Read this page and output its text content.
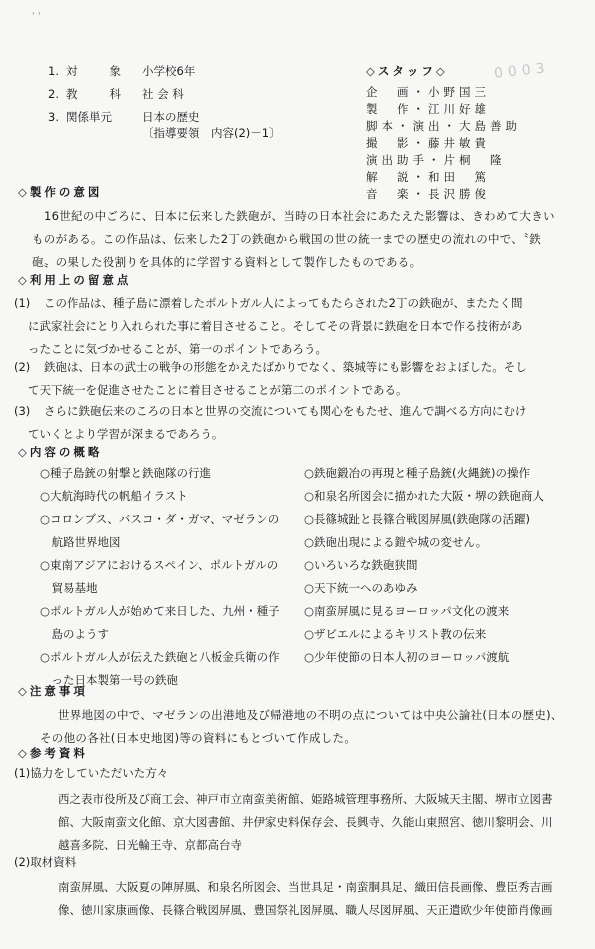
' '
0003
1. 対　　象 小学校6年
2. 教　　科 社 会 科
3. 関係単元	日本の歴史
〔指導要領　内容(2)－1〕
◇スタッフ◇
企　画・小野国三
製　作・江川好雄
脚本・演出・大島善助
撮　影・藤井敏貴
演出助手・片桐　隆
解　説・和田　篤
音　楽・長沢勝俊
◇製作の意図
16世紀の中ごろに、日本に伝来した鉄砲が、当時の日本社会にあたえた影響は、きわめて大きい
ものがある。この作品は、伝来した2丁の鉄砲から戦国の世の統一までの歴史の流れの中で、〝鉄
砲〟の果した役割りを具体的に学習する資料として製作したものである。
◇利用上の留意点
(1) この作品は、種子島に漂着したポルトガル人によってもたらされた2丁の鉄砲が、またたく間
に武家社会にとり入れられた事に着目させること。そしてその背景に鉄砲を日本で作る技術があ
ったことに気づかせることが、第一のポイントであろう。
(2) 鉄砲は、日本の武士の戦争の形態をかえたばかりでなく、築城等にも影響をおよぼした。そし
て天下統一を促進させたことに着目させることが第二のポイントである。
(3) さらに鉄砲伝来のころの日本と世界の交流についても関心をもたせ、進んで調べる方向にむけ
ていくとより学習が深まるであろう。
◇内容の概略
○種子島銃の射撃と鉄砲隊の行進
○大航海時代の帆船イラスト
○コロンブス、バスコ・ダ・ガマ、マゼランの
　航路世界地図
○東南アジアにおけるスペイン、ポルトガルの
　貿易基地
○ポルトガル人が始めて来日した、九州・種子
　島のようす
○ポルトガル人が伝えた鉄砲と八板金兵衛の作
　った日本製第一号の鉄砲
○鉄砲鍛冶の再現と種子島銃(火縄銃)の操作
○和泉名所図会に描かれた大阪・堺の鉄砲商人
○長篠城趾と長篠合戦図屏風(鉄砲隊の活躍)
○鉄砲出現による鎧や城の変せん。
○いろいろな鉄砲狭間
○天下統一へのあゆみ
○南蛮屏風に見るヨーロッパ文化の渡来
○ザビエルによるキリスト教の伝来
○少年使節の日本人初のヨーロッパ渡航
◇注意事項
世界地図の中で、マゼランの出港地及び帰港地の不明の点については中央公論社(日本の歴史)、
その他の各社(日本史地図)等の資料にもとづいて作成した。
◇参考資料
(1)協力をしていただいた方々
西之表市役所及び商工会、神戸市立南蛮美術館、姫路城管理事務所、大阪城天主閣、堺市立図書
館、大阪南蛮文化館、京大図書館、井伊家史料保存会、長興寺、久能山東照宮、徳川黎明会、川
越喜多院、日光輪王寺、京都高台寺
(2)取材資料
南蛮屏風、大阪夏の陣屏風、和泉名所図会、当世具足・南蛮胴具足、織田信長画像、豊臣秀吉画
像、徳川家康画像、長篠合戦図屏風、豊国祭礼図屏風、職人尽図屏風、天正遣欧少年使節肖像画
